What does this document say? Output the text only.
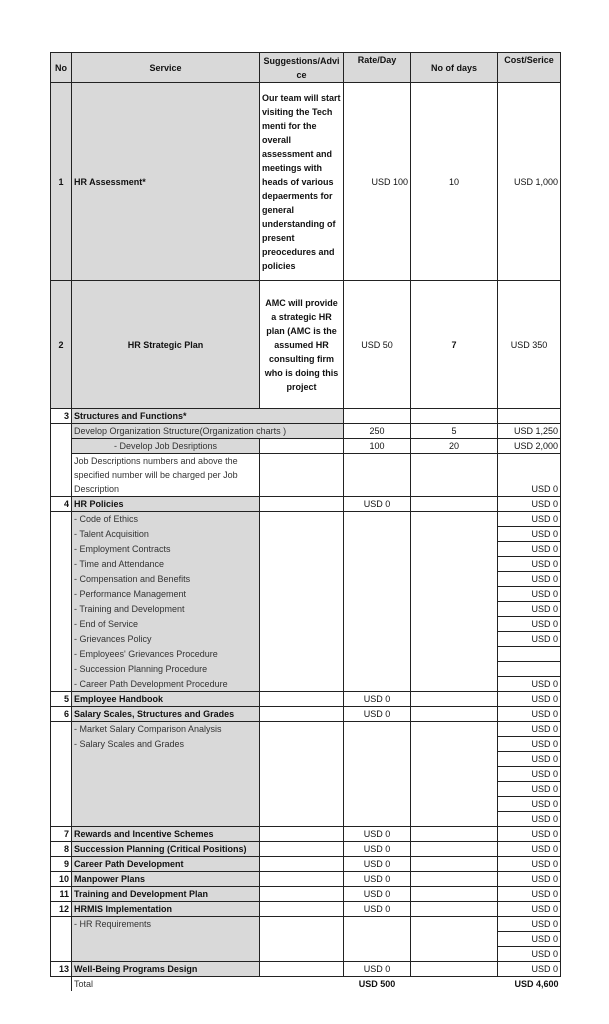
No	Service	Suggestions/Advi ce	Rate/Day	No of days	Cost/Serice
1	HR Assessment*	Our team will start visiting the Tech menti for the overall assessment and meetings with heads of various depaerments for general understanding of present preocedures and policies	USD 100	10	USD 1,000
2	HR Strategic Plan	AMC will provide a strategic HR plan (AMC is the assumed HR consulting firm who is doing this project	USD 50	7	USD 350
3	Structures and Functions*				
	Develop Organization Structure(Organization charts )		250	5	USD 1,250
	- Develop Job Desriptions		100	20	USD 2,000
	Job Descriptions numbers and above the specified number will be charged per Job Description				USD 0
4	HR Policies		USD 0		USD 0
	- Code of Ethics				USD 0
	- Talent Acquisition				USD 0
	- Employment Contracts				USD 0
	- Time and Attendance				USD 0
	- Compensation and Benefits				USD 0
	- Performance Management				USD 0
	- Training and Development				USD 0
	- End of Service				USD 0
	- Grievances Policy				USD 0
	- Employees' Grievances Procedure				
	- Succession Planning Procedure				
	- Career Path Development Procedure				USD 0
5	Employee Handbook		USD 0		USD 0
6	Salary Scales, Structures and Grades		USD 0		USD 0
	- Market Salary Comparison Analysis				USD 0
	- Salary Scales and Grades				USD 0
					USD 0
					USD 0
					USD 0
					USD 0
					USD 0
7	Rewards and Incentive Schemes		USD 0		USD 0
8	Succession Planning (Critical Positions)		USD 0		USD 0
9	Career Path Development		USD 0		USD 0
10	Manpower Plans		USD 0		USD 0
11	Training and Development Plan		USD 0		USD 0
12	HRMIS Implementation		USD 0		USD 0
	- HR Requirements				USD 0
					USD 0
					USD 0
13	Well-Being Programs Design		USD 0		USD 0
	Total		USD 500		USD 4,600
